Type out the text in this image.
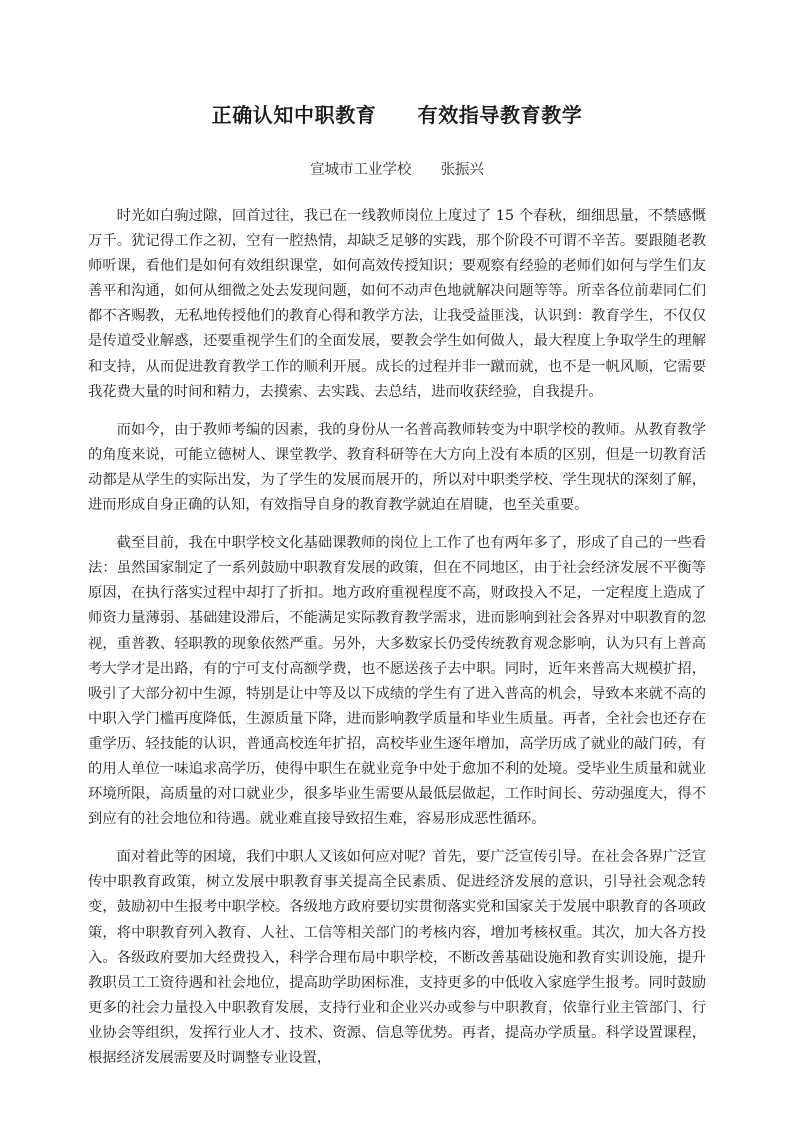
正确认知中职教育　　有效指导教育教学

宣城市工业学校　　张振兴

时光如白驹过隙，回首过往，我已在一线教师岗位上度过了 15 个春秋，细细思量，不禁感慨万千。犹记得工作之初，空有一腔热情，却缺乏足够的实践，那个阶段不可谓不辛苦。要跟随老教师听课，看他们是如何有效组织课堂，如何高效传授知识；要观察有经验的老师们如何与学生们友善平和沟通，如何从细微之处去发现问题，如何不动声色地就解决问题等等。所幸各位前辈同仁们都不吝赐教，无私地传授他们的教育心得和教学方法，让我受益匪浅，认识到：教育学生，不仅仅是传道受业解惑，还要重视学生们的全面发展，要教会学生如何做人，最大程度上争取学生的理解和支持，从而促进教育教学工作的顺利开展。成长的过程并非一蹴而就，也不是一帆风顺，它需要我花费大量的时间和精力，去摸索、去实践、去总结，进而收获经验，自我提升。

而如今，由于教师考编的因素，我的身份从一名普高教师转变为中职学校的教师。从教育教学的角度来说，可能立德树人、课堂教学、教育科研等在大方向上没有本质的区别，但是一切教育活动都是从学生的实际出发，为了学生的发展而展开的，所以对中职类学校、学生现状的深刻了解，进而形成自身正确的认知，有效指导自身的教育教学就迫在眉睫，也至关重要。

截至目前，我在中职学校文化基础课教师的岗位上工作了也有两年多了，形成了自己的一些看法：虽然国家制定了一系列鼓励中职教育发展的政策，但在不同地区，由于社会经济发展不平衡等原因，在执行落实过程中却打了折扣。地方政府重视程度不高，财政投入不足，一定程度上造成了师资力量薄弱、基础建设滞后，不能满足实际教育教学需求，进而影响到社会各界对中职教育的忽视，重普教、轻职教的现象依然严重。另外，大多数家长仍受传统教育观念影响，认为只有上普高考大学才是出路，有的宁可支付高额学费，也不愿送孩子去中职。同时，近年来普高大规模扩招，吸引了大部分初中生源，特别是让中等及以下成绩的学生有了进入普高的机会，导致本来就不高的中职入学门槛再度降低，生源质量下降，进而影响教学质量和毕业生质量。再者，全社会也还存在重学历、轻技能的认识，普通高校连年扩招，高校毕业生逐年增加，高学历成了就业的敲门砖，有的用人单位一味追求高学历，使得中职生在就业竞争中处于愈加不利的处境。受毕业生质量和就业环境所限，高质量的对口就业少，很多毕业生需要从最低层做起，工作时间长、劳动强度大，得不到应有的社会地位和待遇。就业难直接导致招生难，容易形成恶性循环。

面对着此等的困境，我们中职人又该如何应对呢？首先，要广泛宣传引导。在社会各界广泛宣传中职教育政策，树立发展中职教育事关提高全民素质、促进经济发展的意识，引导社会观念转变，鼓励初中生报考中职学校。各级地方政府要切实贯彻落实党和国家关于发展中职教育的各项政策，将中职教育列入教育、人社、工信等相关部门的考核内容，增加考核权重。其次，加大各方投入。各级政府要加大经费投入，科学合理布局中职学校，不断改善基础设施和教育实训设施，提升教职员工工资待遇和社会地位，提高助学助困标准，支持更多的中低收入家庭学生报考。同时鼓励更多的社会力量投入中职教育发展，支持行业和企业兴办或参与中职教育，依靠行业主管部门、行业协会等组织，发挥行业人才、技术、资源、信息等优势。再者，提高办学质量。科学设置课程，根据经济发展需要及时调整专业设置，
